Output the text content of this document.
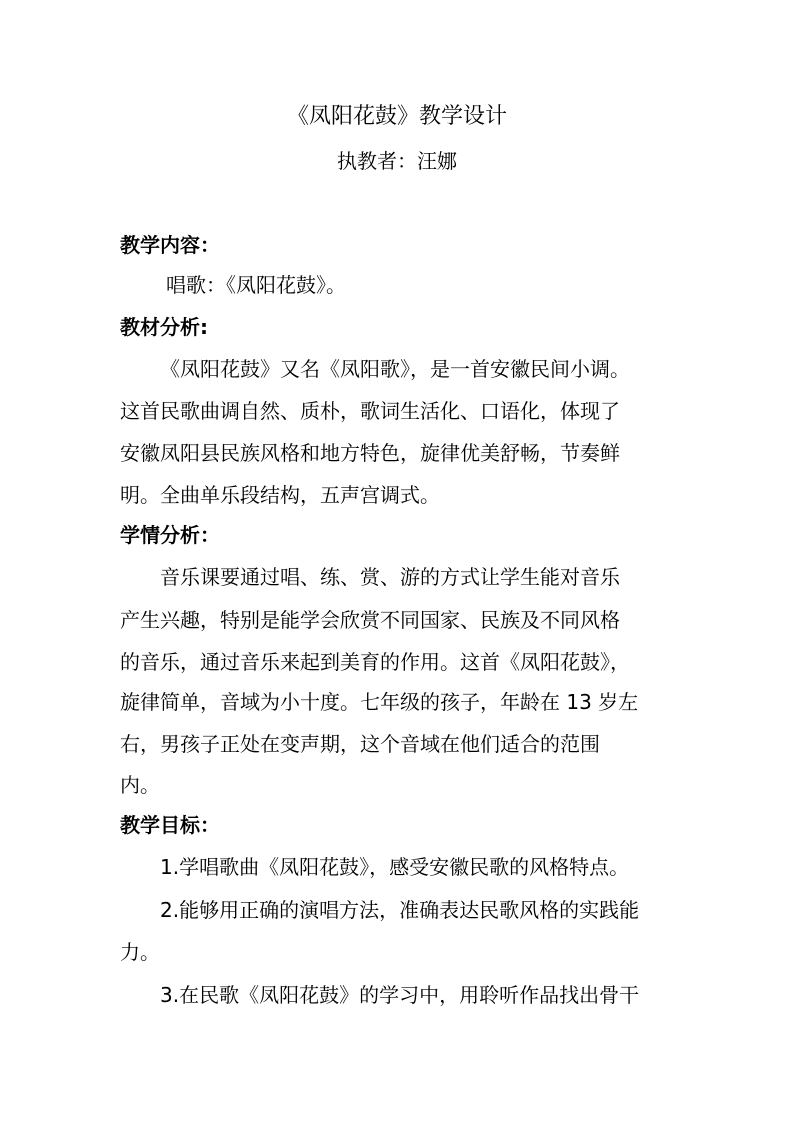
《凤阳花鼓》教学设计
执教者：汪娜
教学内容：
唱歌：《凤阳花鼓》。
教材分析:
《凤阳花鼓》又名《凤阳歌》，是一首安徽民间小调。
这首民歌曲调自然、质朴，歌词生活化、口语化，体现了
安徽凤阳县民族风格和地方特色，旋律优美舒畅，节奏鲜
明。全曲单乐段结构，五声宫调式。
学情分析：
音乐课要通过唱、练、赏、游的方式让学生能对音乐
产生兴趣，特别是能学会欣赏不同国家、民族及不同风格
的音乐，通过音乐来起到美育的作用。这首《凤阳花鼓》，
旋律简单，音域为小十度。七年级的孩子，年龄在 13 岁左
右，男孩子正处在变声期，这个音域在他们适合的范围
内。
教学目标：
1.学唱歌曲《凤阳花鼓》，感受安徽民歌的风格特点。
2.能够用正确的演唱方法，准确表达民歌风格的实践能
力。
3.在民歌《凤阳花鼓》的学习中，用聆听作品找出骨干
